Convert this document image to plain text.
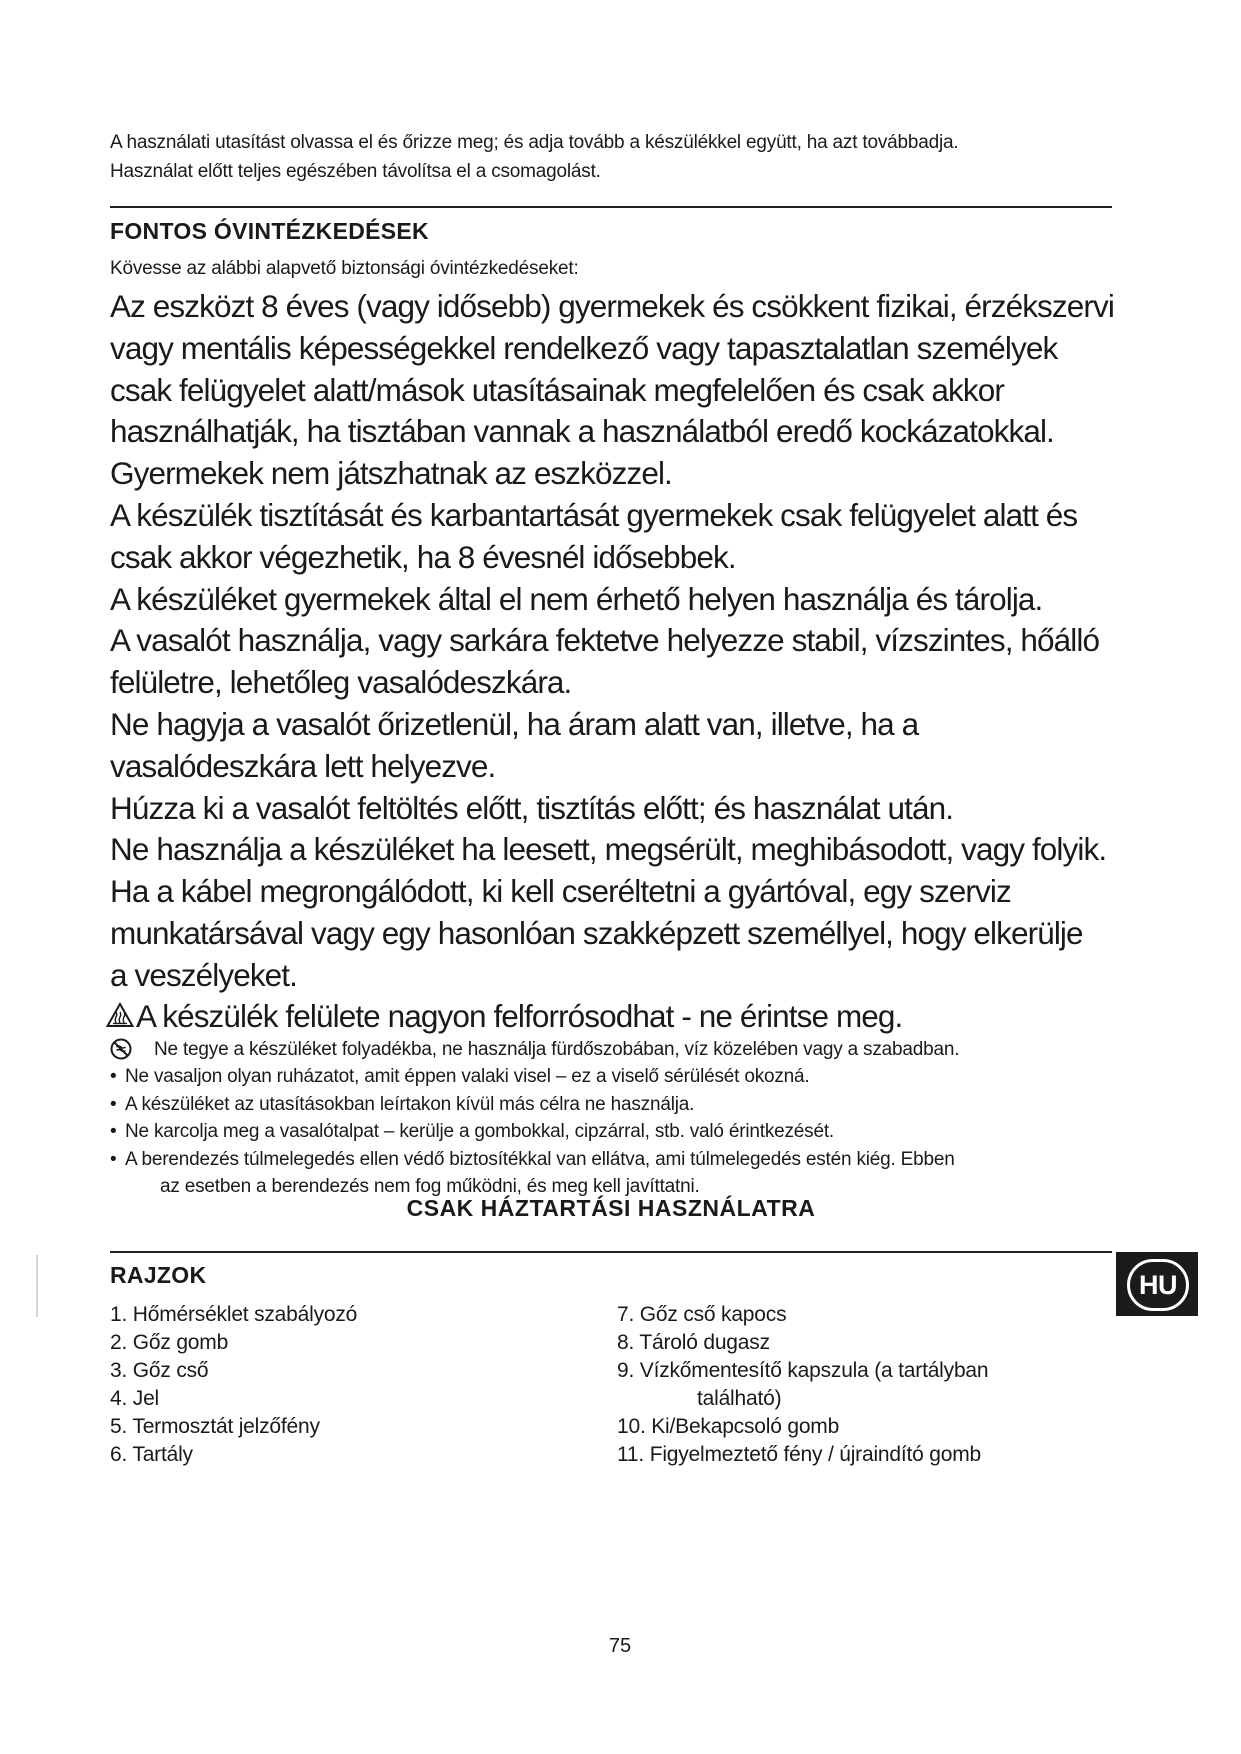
A használati utasítást olvassa el és őrizze meg; és adja tovább a készülékkel együtt, ha azt továbbadja.

Használat előtt teljes egészében távolítsa el a csomagolást.

FONTOS ÓVINTÉZKEDÉSEK

Kövesse az alábbi alapvető biztonsági óvintézkedéseket:

Az eszközt 8 éves (vagy idősebb) gyermekek és csökkent fizikai, érzékszervi

vagy mentális képességekkel rendelkező vagy tapasztalatlan személyek

csak felügyelet alatt/mások utasításainak megfelelően és csak akkor

használhatják, ha tisztában vannak a használatból eredő kockázatokkal.

Gyermekek nem játszhatnak az eszközzel.

A készülék tisztítását és karbantartását gyermekek csak felügyelet alatt és

csak akkor végezhetik, ha 8 évesnél idősebbek.

A készüléket gyermekek által el nem érhető helyen használja és tárolja.

A vasalót használja, vagy sarkára fektetve helyezze stabil, vízszintes, hőálló

felületre, lehetőleg vasalódeszkára.

Ne hagyja a vasalót őrizetlenül, ha áram alatt van, illetve, ha a

vasalódeszkára lett helyezve.

Húzza ki a vasalót feltöltés előtt, tisztítás előtt; és használat után.

Ne használja a készüléket ha leesett, megsérült, meghibásodott, vagy folyik.

Ha a kábel megrongálódott, ki kell cseréltetni a gyártóval, egy szerviz

munkatársával vagy egy hasonlóan szakképzett személlyel, hogy elkerülje

a veszélyeket.

A készülék felülete nagyon felforrósodhat - ne érintse meg.

Ne tegye a készüléket folyadékba, ne használja fürdőszobában, víz közelében vagy a szabadban.

• Ne vasaljon olyan ruházatot, amit éppen valaki visel – ez a viselő sérülését okozná.
• A készüléket az utasításokban leírtakon kívül más célra ne használja.
• Ne karcolja meg a vasalótalpat – kerülje a gombokkal, cipzárral, stb. való érintkezését.
• A berendezés túlmelegedés ellen védő biztosítékkal van ellátva, ami túlmelegedés estén kiég. Ebben
az esetben a berendezés nem fog működni, és meg kell javíttatni.
CSAK HÁZTARTÁSI HASZNÁLATRA
RAJZOK	HU
1. Hőmérséklet szabályozó
2. Gőz gomb
3. Gőz cső
4. Jel
5. Termosztát jelzőfény
6. Tartály
7. Gőz cső kapocs
8. Tároló dugasz
9. Vízkőmentesítő kapszula (a tartályban
található)
10. Ki/Bekapcsoló gomb
11. Figyelmeztető fény / újraindító gomb

75
